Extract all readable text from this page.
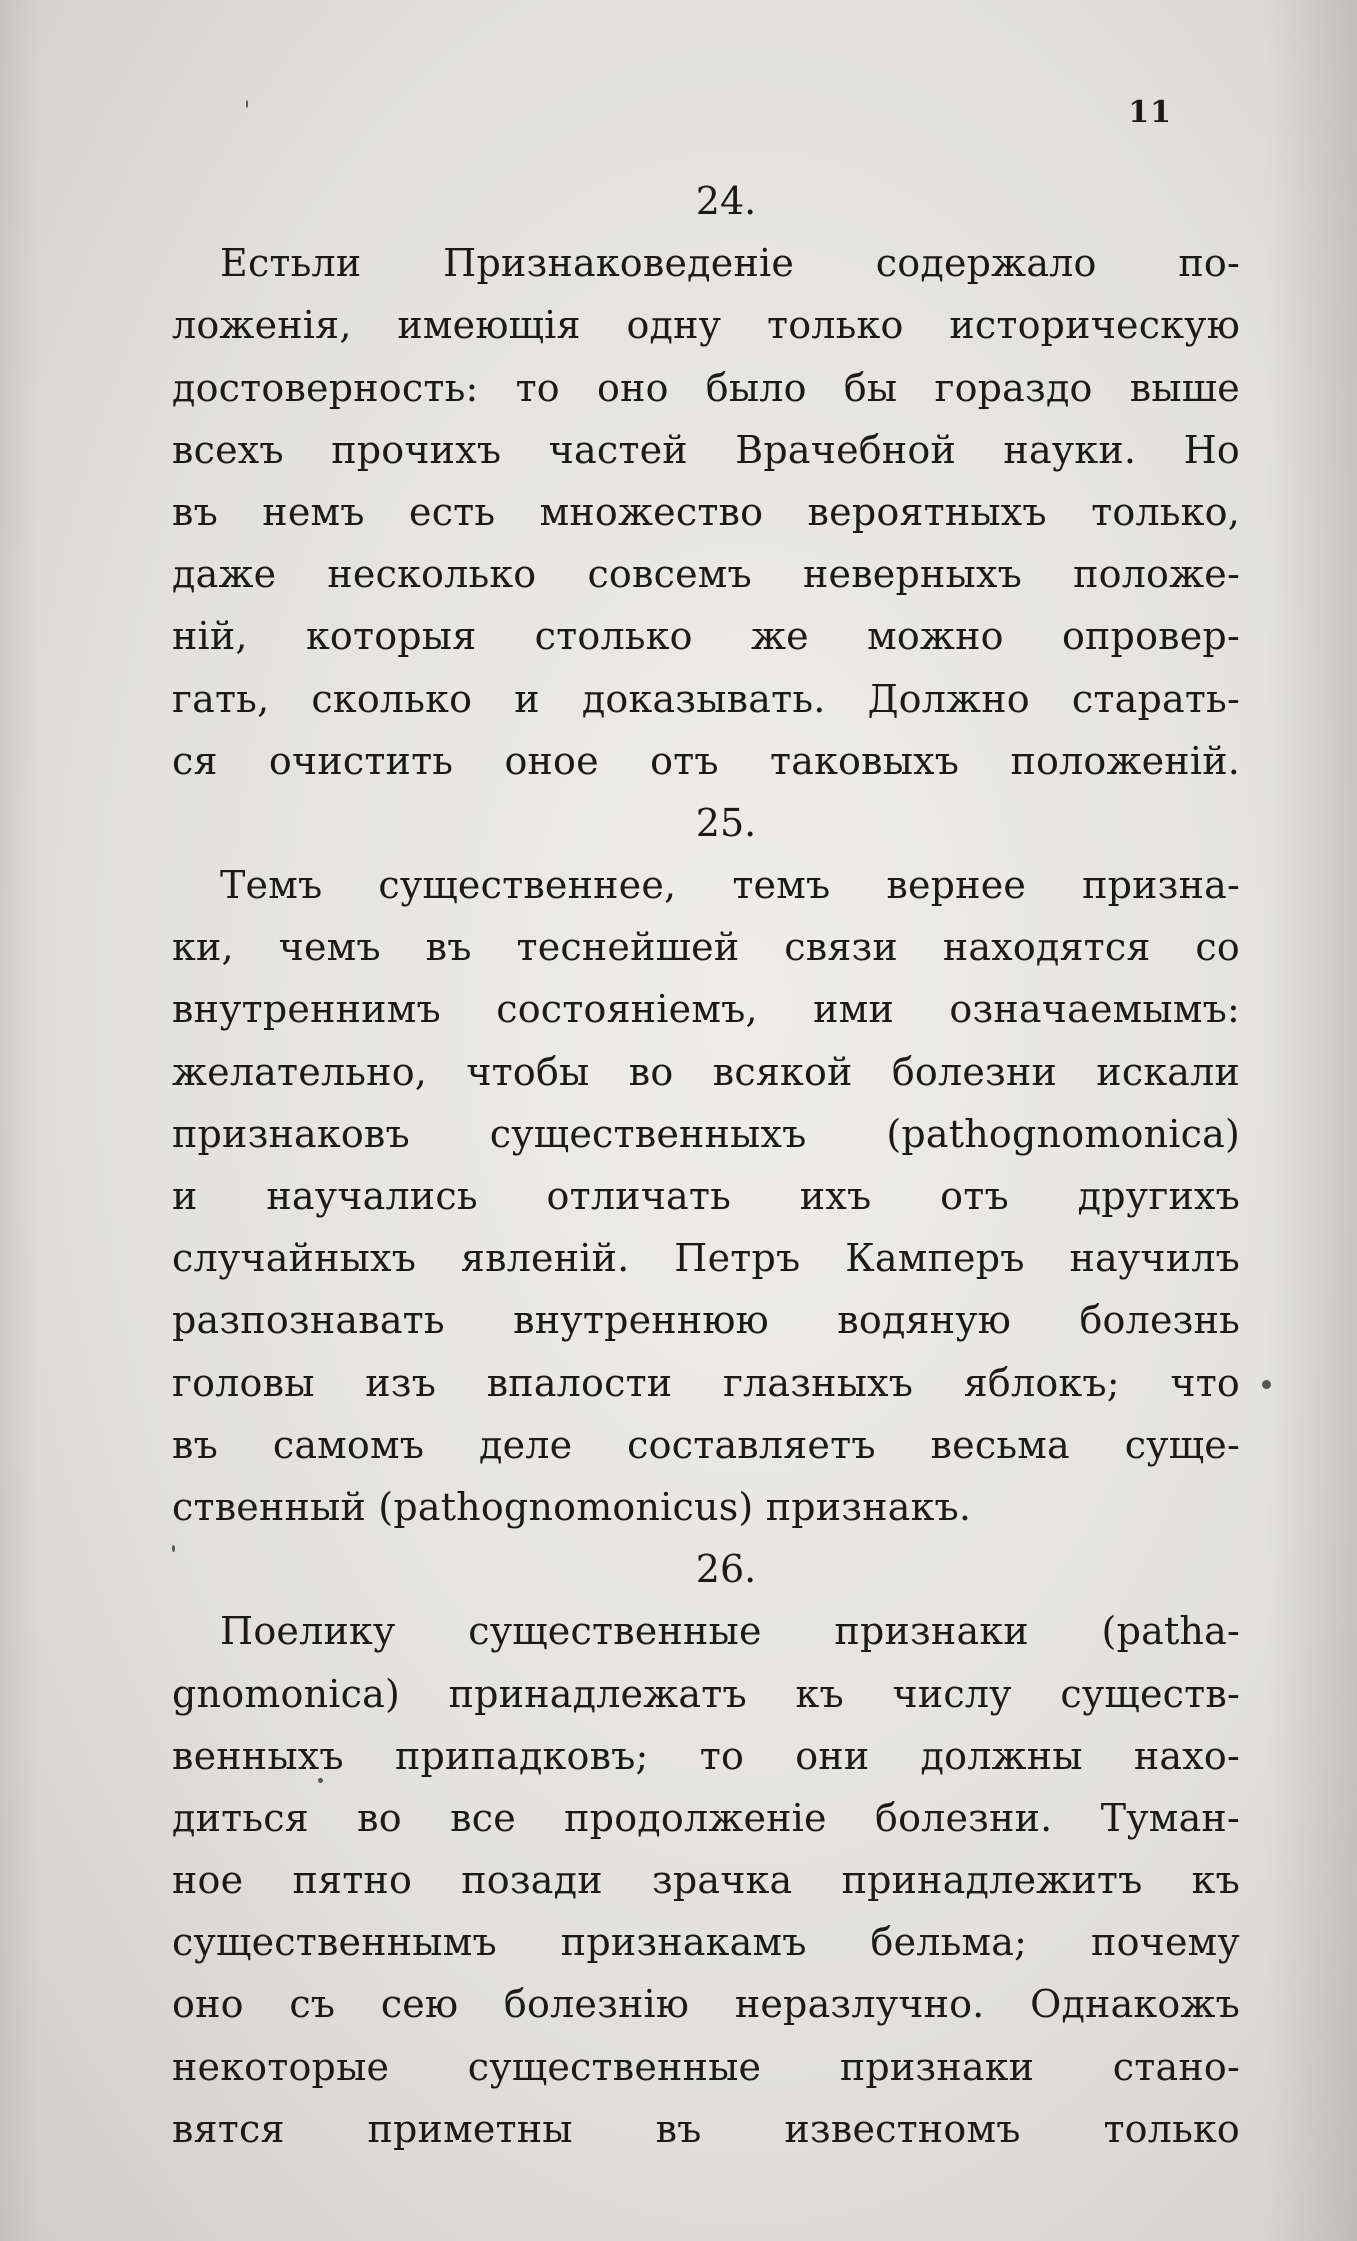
11
24.
Естьли Признаковеденіе содержало по-
ложенія, имеющія одну только историческую
достоверность: то оно было бы гораздо выше
всехъ прочихъ частей Врачебной науки. Но
въ немъ есть множество вероятныхъ только,
даже несколько совсемъ неверныхъ положе-
ній, которыя столько же можно опровер-
гать, сколько и доказывать. Должно старать-
ся очистить оное отъ таковыхъ положеній.
25.
Темъ существеннее, темъ вернее призна-
ки, чемъ въ теснейшей связи находятся со
внутреннимъ состояніемъ, ими означаемымъ:
желательно, чтобы во всякой болезни искали
признаковъ существенныхъ (pathognomonica)
и научались отличать ихъ отъ другихъ
случайныхъ явленій. Петръ Камперъ научилъ
разпознавать внутреннюю водяную болезнь
головы изъ впалости глазныхъ яблокъ; что
въ самомъ деле составляетъ весьма суще-
ственный (pathognomonicus) признакъ.
26.
Поелику существенные признаки (patha-
gnomonica) принадлежатъ къ числу существ-
венныхъ припадковъ; то они должны нахо-
диться во все продолженіе болезни. Туман-
ное пятно позади зрачка принадлежитъ къ
существеннымъ признакамъ бельма; почему
оно съ сею болезнію неразлучно. Однакожъ
некоторые существенные признаки стано-
вятся приметны въ известномъ только
